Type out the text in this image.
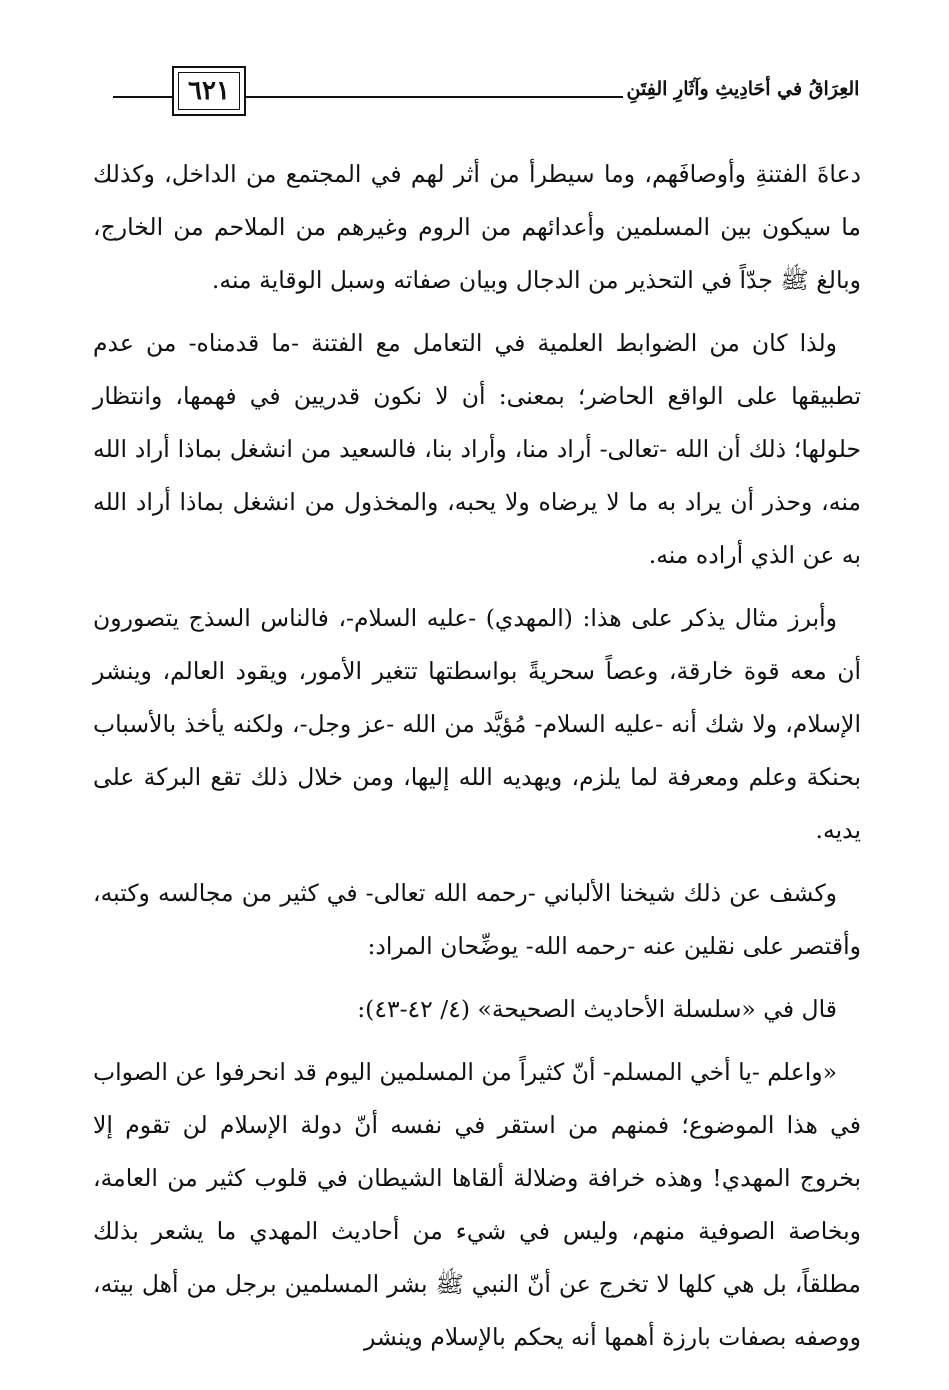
٦٢١	العِرَاقُ في أحَادِيثِ وآثَارِ الفِتَنِ

دعاةَ الفتنةِ وأوصافَهم، وما سيطرأ من أثر لهم في المجتمع من الداخل، وكذلك ما سيكون بين المسلمين وأعدائهم من الروم وغيرهم من الملاحم من الخارج، وبالغ ﷺ جدّاً في التحذير من الدجال وبيان صفاته وسبل الوقاية منه.

ولذا كان من الضوابط العلمية في التعامل مع الفتنة -ما قدمناه- من عدم تطبيقها على الواقع الحاضر؛ بمعنى: أن لا نكون قدريين في فهمها، وانتظار حلولها؛ ذلك أن الله -تعالى- أراد منا، وأراد بنا، فالسعيد من انشغل بماذا أراد الله منه، وحذر أن يراد به ما لا يرضاه ولا يحبه، والمخذول من انشغل بماذا أراد الله به عن الذي أراده منه.

وأبرز مثال يذكر على هذا: (المهدي) -عليه السلام-، فالناس السذج يتصورون أن معه قوة خارقة، وعصاً سحريةً بواسطتها تتغير الأمور، ويقود العالم، وينشر الإسلام، ولا شك أنه -عليه السلام- مُؤيَّد من الله -عز وجل-، ولكنه يأخذ بالأسباب بحنكة وعلم ومعرفة لما يلزم، ويهديه الله إليها، ومن خلال ذلك تقع البركة على يديه.

وكشف عن ذلك شيخنا الألباني -رحمه الله تعالى- في كثير من مجالسه وكتبه، وأقتصر على نقلين عنه -رحمه الله- يوضِّحان المراد:

قال في «سلسلة الأحاديث الصحيحة» (٤/ ٤٢-٤٣):

«واعلم -يا أخي المسلم- أنّ كثيراً من المسلمين اليوم قد انحرفوا عن الصواب في هذا الموضوع؛ فمنهم من استقر في نفسه أنّ دولة الإسلام لن تقوم إلا بخروج المهدي! وهذه خرافة وضلالة ألقاها الشيطان في قلوب كثير من العامة، وبخاصة الصوفية منهم، وليس في شيء من أحاديث المهدي ما يشعر بذلك مطلقاً، بل هي كلها لا تخرج عن أنّ النبي ﷺ بشر المسلمين برجل من أهل بيته، ووصفه بصفات بارزة أهمها أنه يحكم بالإسلام وينشر
